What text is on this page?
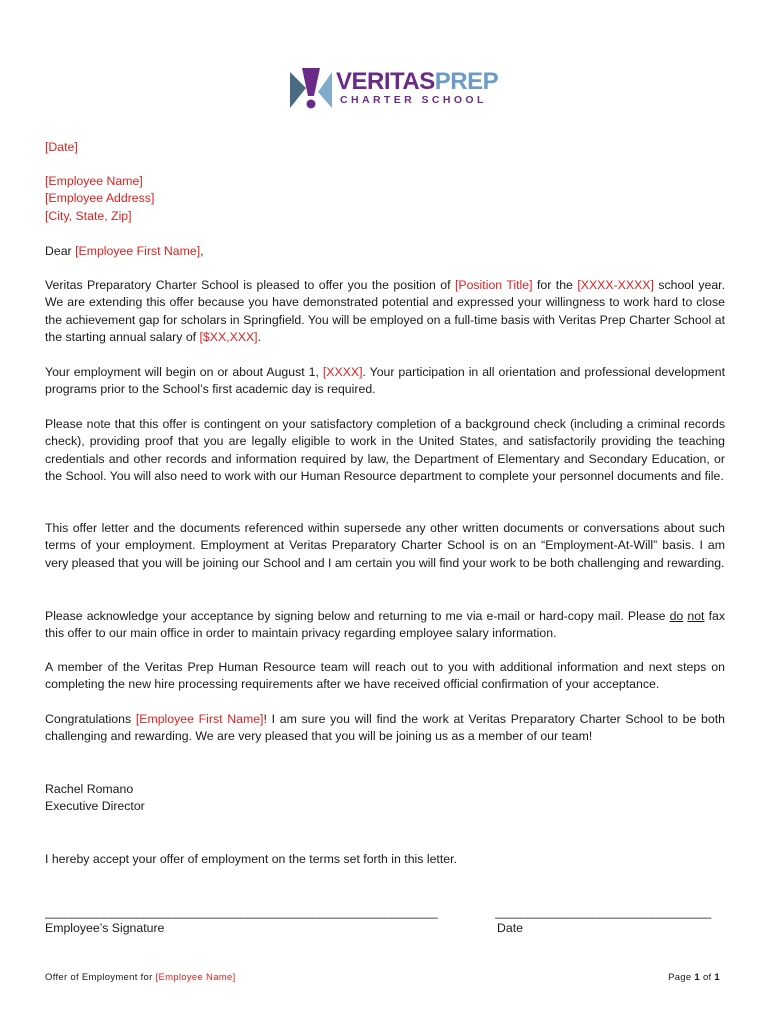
VERITASPREP
CHARTER SCHOOL
[Date]
[Employee Name]
[Employee Address]
[City, State, Zip]
Dear [Employee First Name],
Veritas Preparatory Charter School is pleased to offer you the position of [Position Title] for the [XXXX-XXXX] school year. We are extending this offer because you have demonstrated potential and expressed your willingness to work hard to close the achievement gap for scholars in Springfield. You will be employed on a full-time basis with Veritas Prep Charter School at the starting annual salary of [$XX,XXX].
Your employment will begin on or about August 1, [XXXX]. Your participation in all orientation and professional development programs prior to the School’s first academic day is required.
Please note that this offer is contingent on your satisfactory completion of a background check (including a criminal records check), providing proof that you are legally eligible to work in the United States, and satisfactorily providing the teaching credentials and other records and information required by law, the Department of Elementary and Secondary Education, or the School. You will also need to work with our Human Resource department to complete your personnel documents and file.
This offer letter and the documents referenced within supersede any other written documents or conversations about such terms of your employment. Employment at Veritas Preparatory Charter School is on an “Employment-At-Will” basis. I am very pleased that you will be joining our School and I am certain you will find your work to be both challenging and rewarding.
Please acknowledge your acceptance by signing below and returning to me via e-mail or hard-copy mail. Please do not fax this offer to our main office in order to maintain privacy regarding employee salary information.
A member of the Veritas Prep Human Resource team will reach out to you with additional information and next steps on completing the new hire processing requirements after we have received official confirmation of your acceptance.
Congratulations [Employee First Name]! I am sure you will find the work at Veritas Preparatory Charter School to be both challenging and rewarding. We are very pleased that you will be joining us as a member of our team!
Rachel Romano
Executive Director
I hereby accept your offer of employment on the terms set forth in this letter.
____________________________________________________________	_________________________________
Employee’s Signature	Date
Offer of Employment for [Employee Name]	Page 1 of 1
